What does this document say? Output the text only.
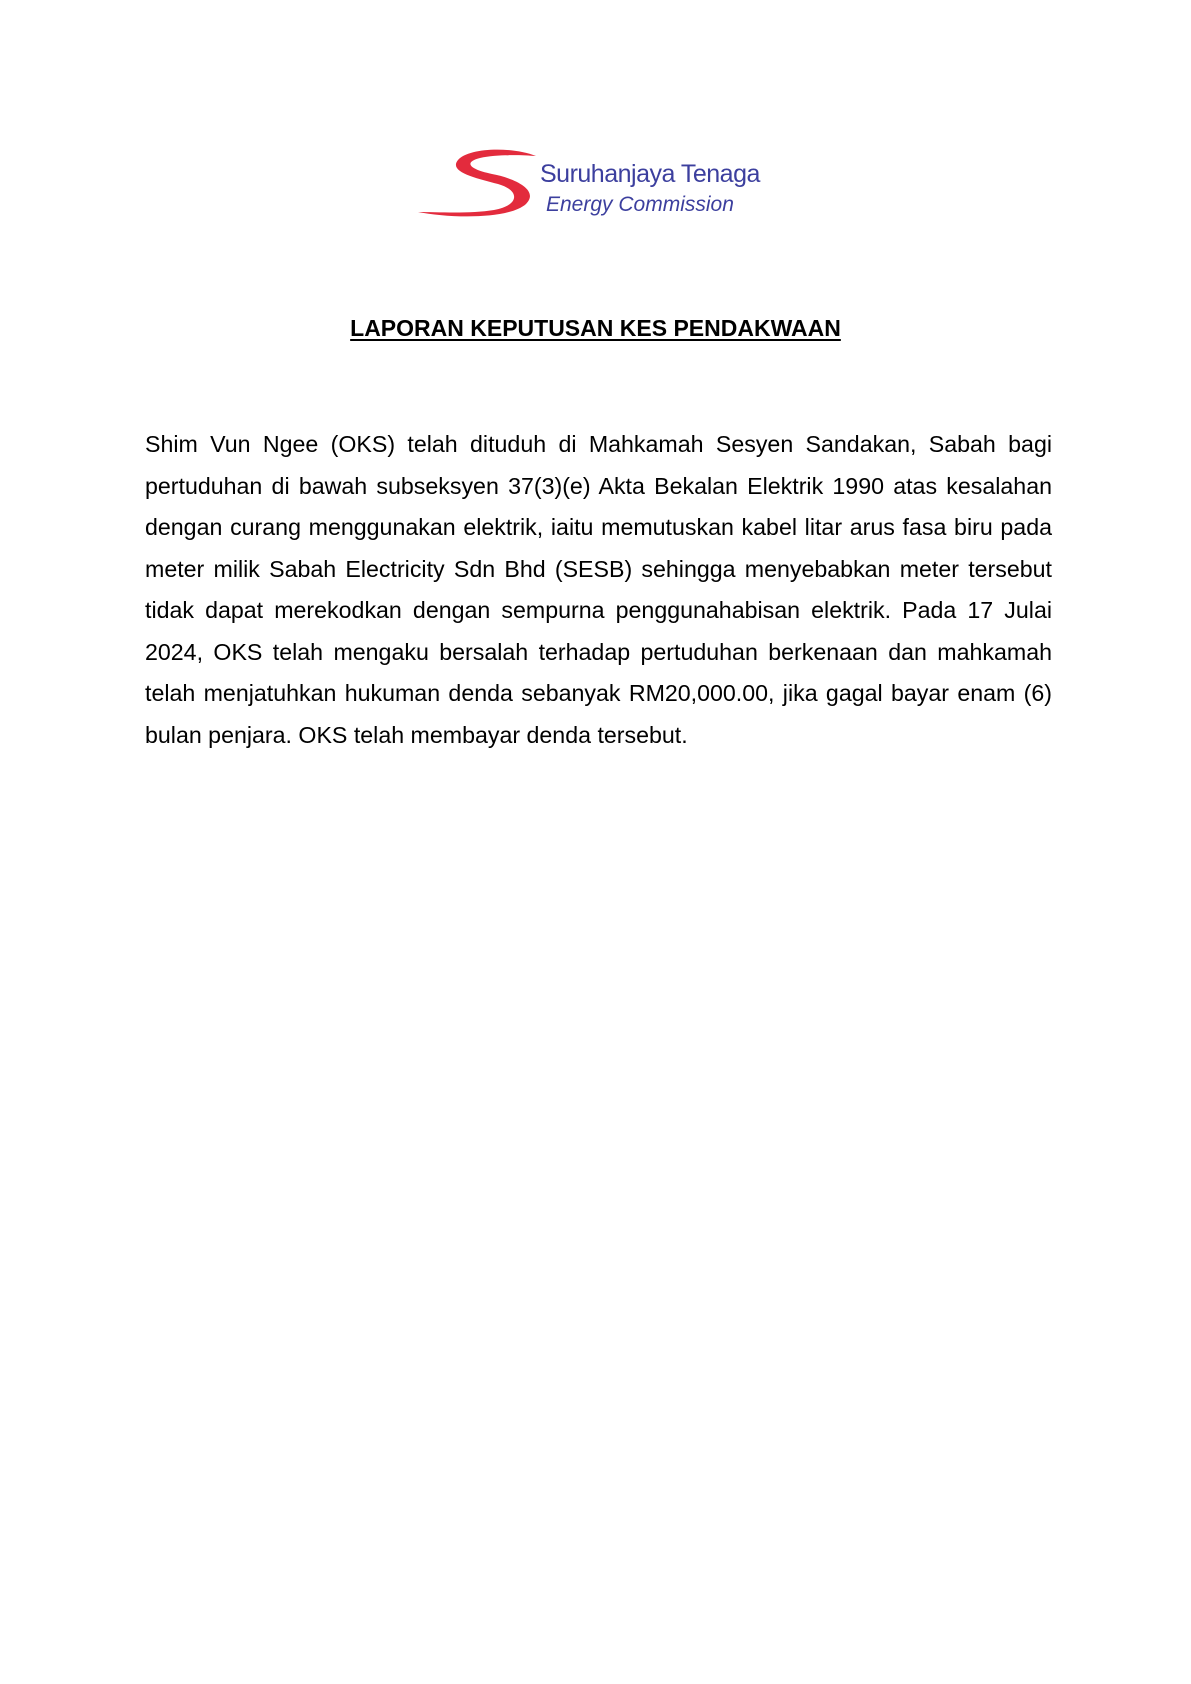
Suruhanjaya Tenaga
Energy Commission
LAPORAN KEPUTUSAN KES PENDAKWAAN

Shim Vun Ngee (OKS) telah dituduh di Mahkamah Sesyen Sandakan, Sabah bagi pertuduhan di bawah subseksyen 37(3)(e) Akta Bekalan Elektrik 1990 atas kesalahan dengan curang menggunakan elektrik, iaitu memutuskan kabel litar arus fasa biru pada meter milik Sabah Electricity Sdn Bhd (SESB) sehingga menyebabkan meter tersebut tidak dapat merekodkan dengan sempurna penggunahabisan elektrik. Pada 17 Julai 2024, OKS telah mengaku bersalah terhadap pertuduhan berkenaan dan mahkamah telah menjatuhkan hukuman denda sebanyak RM20,000.00, jika gagal bayar enam (6) bulan penjara. OKS telah membayar denda tersebut.
